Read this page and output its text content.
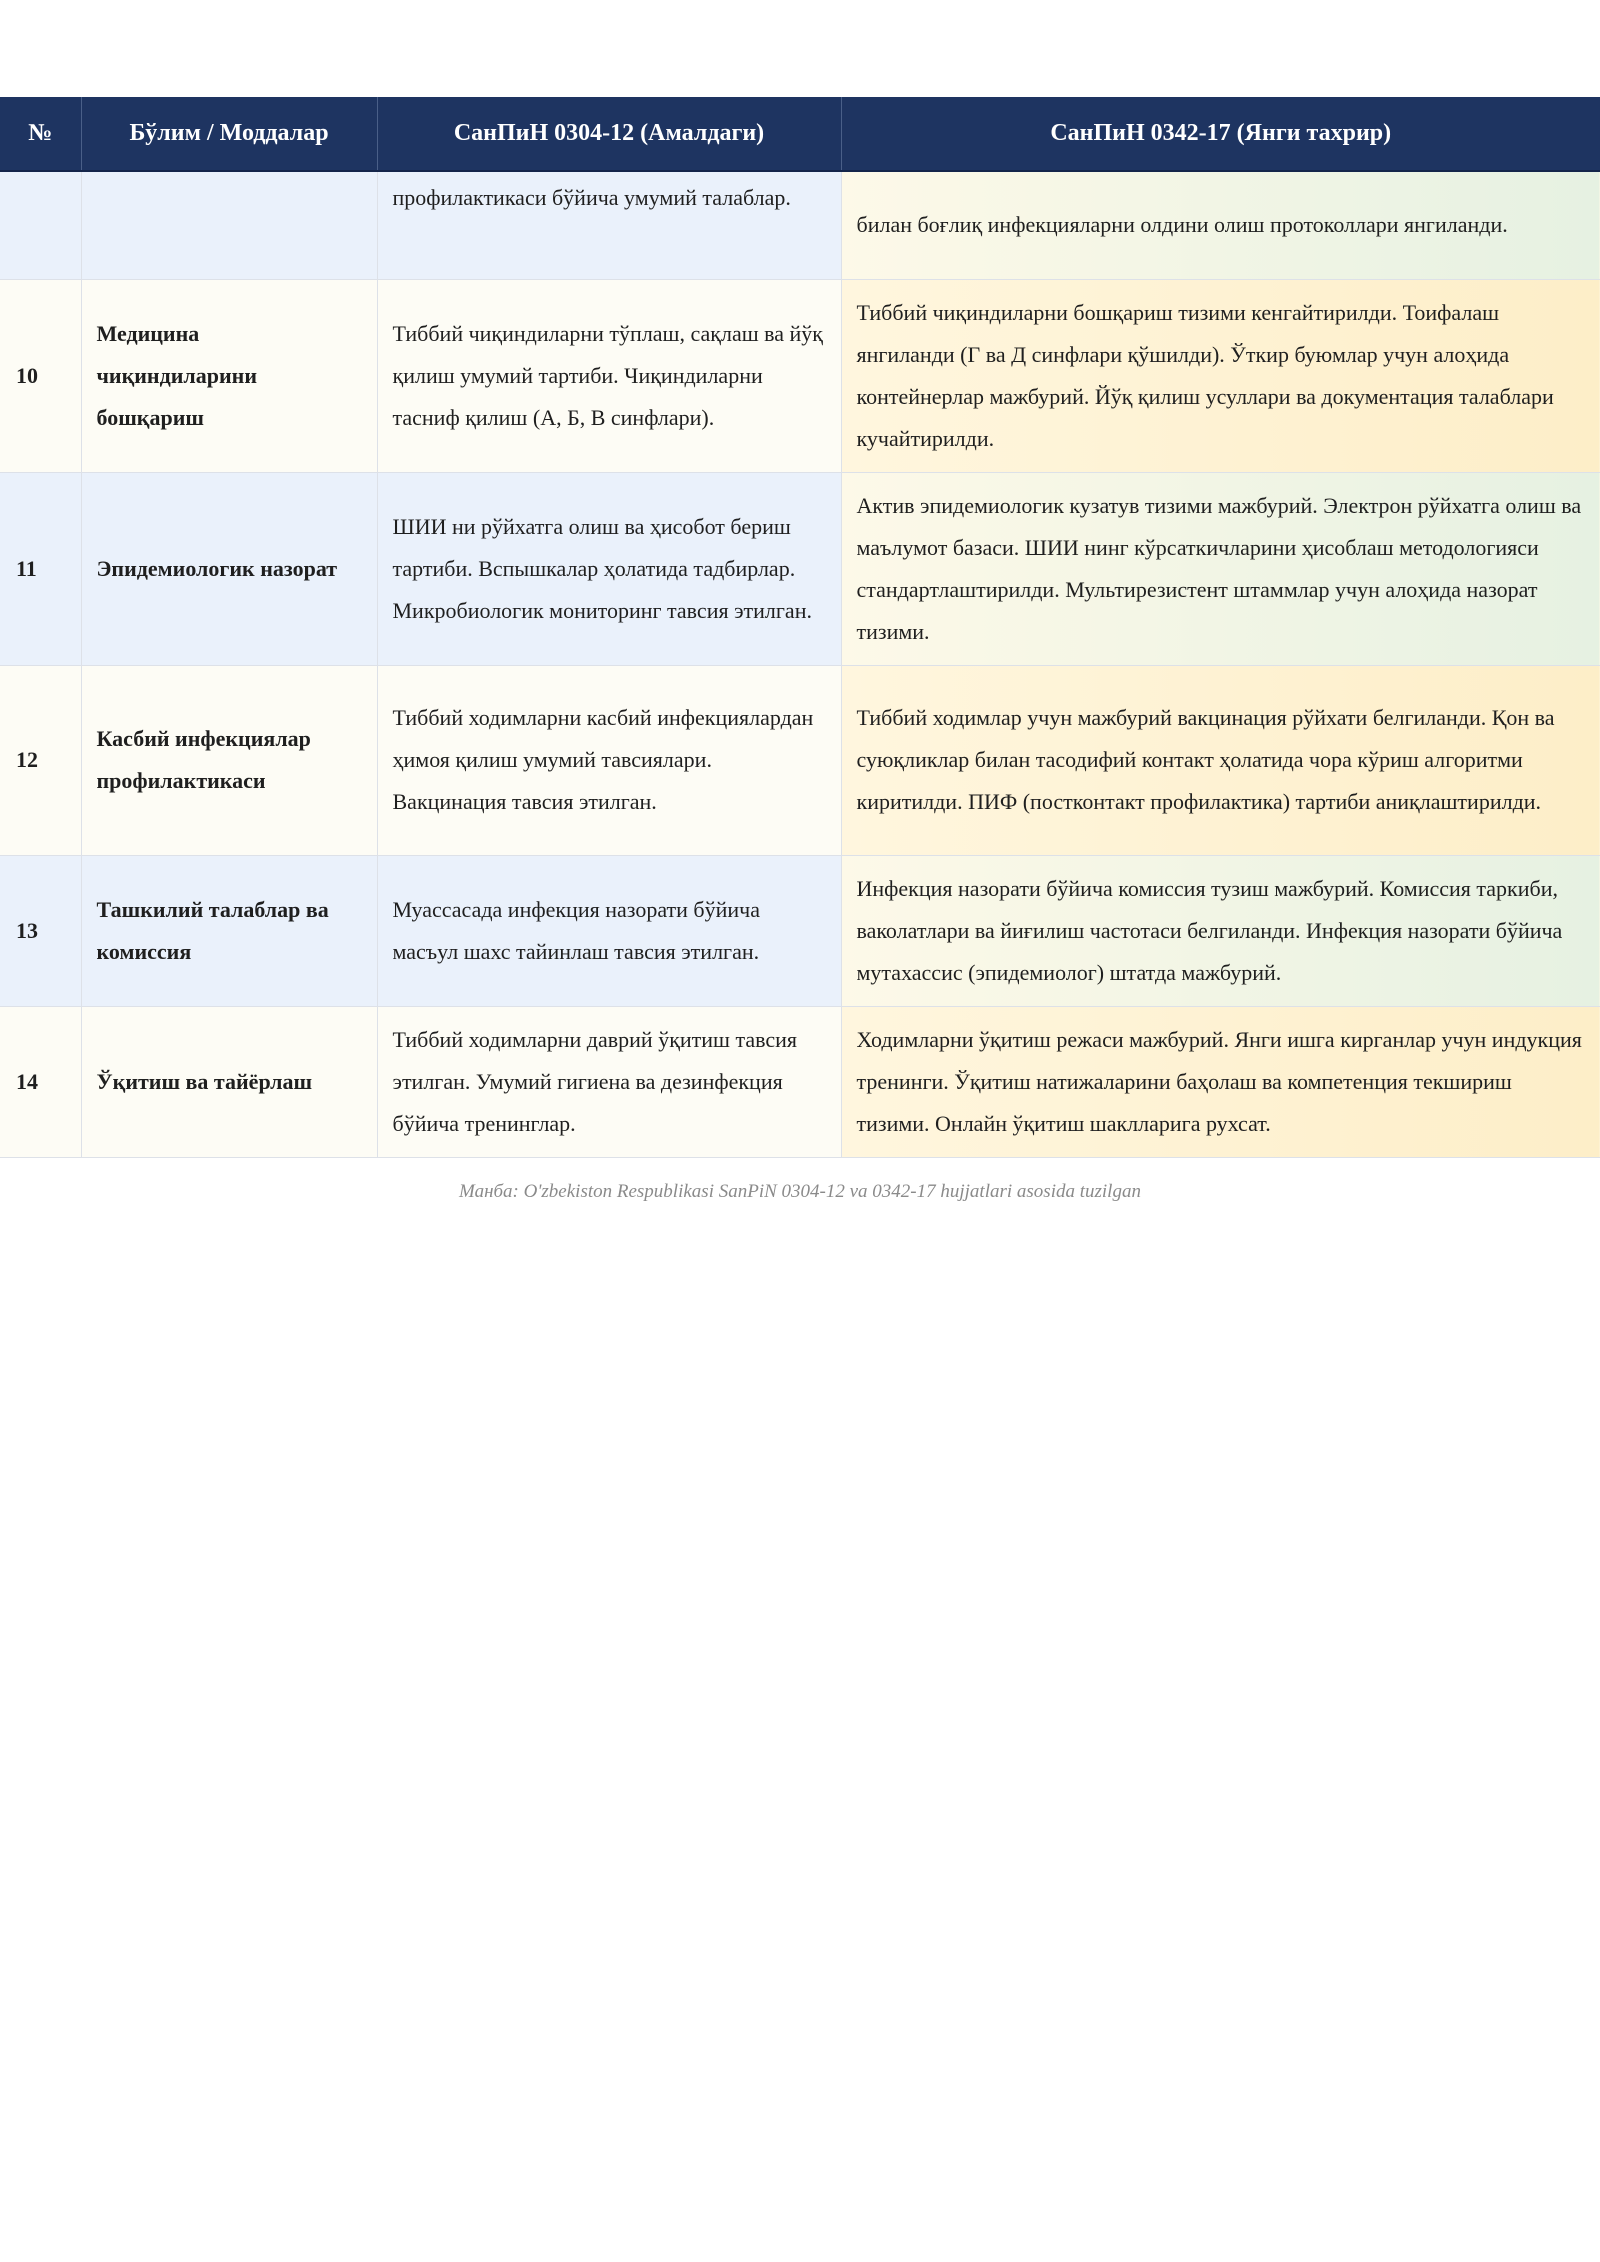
№	Бўлим / Моддалар	СанПиН 0304-12 (Амалдаги)	СанПиН 0342-17 (Янги тахрир)
		профилактикаси бўйича умумий талаблар.	билан боғлиқ инфекцияларни олдини олиш протоколлари янгиланди.
10	Медицина чиқиндиларини бошқариш	Тиббий чиқиндиларни тўплаш, сақлаш ва йўқ қилиш умумий тартиби. Чиқиндиларни тасниф қилиш (А, Б, В синфлари).	Тиббий чиқиндиларни бошқариш тизими кенгайтирилди. Тоифалаш янгиланди (Г ва Д синфлари қўшилди). Ўткир буюмлар учун алоҳида контейнерлар мажбурий. Йўқ қилиш усуллари ва документация талаблари кучайтирилди.
11	Эпидемиологик назорат	ШИИ ни рўйхатга олиш ва ҳисобот бериш тартиби. Вспышкалар ҳолатида тадбирлар. Микробиологик мониторинг тавсия этилган.	Актив эпидемиологик кузатув тизими мажбурий. Электрон рўйхатга олиш ва маълумот базаси. ШИИ нинг кўрсаткичларини ҳисоблаш методологияси стандартлаштирилди. Мультирезистент штаммлар учун алоҳида назорат тизими.
12	Касбий инфекциялар профилактикаси	Тиббий ходимларни касбий инфекциялардан ҳимоя қилиш умумий тавсиялари. Вакцинация тавсия этилган.	Тиббий ходимлар учун мажбурий вакцинация рўйхати белгиланди. Қон ва суюқликлар билан тасодифий контакт ҳолатида чора кўриш алгоритми киритилди. ПИФ (постконтакт профилактика) тартиби аниқлаштирилди.
13	Ташкилий талаблар ва комиссия	Муассасада инфекция назорати бўйича масъул шахс тайинлаш тавсия этилган.	Инфекция назорати бўйича комиссия тузиш мажбурий. Комиссия таркиби, ваколатлари ва йиғилиш частотаси белгиланди. Инфекция назорати бўйича мутахассис (эпидемиолог) штатда мажбурий.
14	Ўқитиш ва тайёрлаш	Тиббий ходимларни даврий ўқитиш тавсия этилган. Умумий гигиена ва дезинфекция бўйича тренинглар.	Ходимларни ўқитиш режаси мажбурий. Янги ишга кирганлар учун индукция тренинги. Ўқитиш натижаларини баҳолаш ва компетенция текшириш тизими. Онлайн ўқитиш шаклларига рухсат.
Манба: O'zbekiston Respublikasi SanPiN 0304-12 va 0342-17 hujjatlari asosida tuzilgan
